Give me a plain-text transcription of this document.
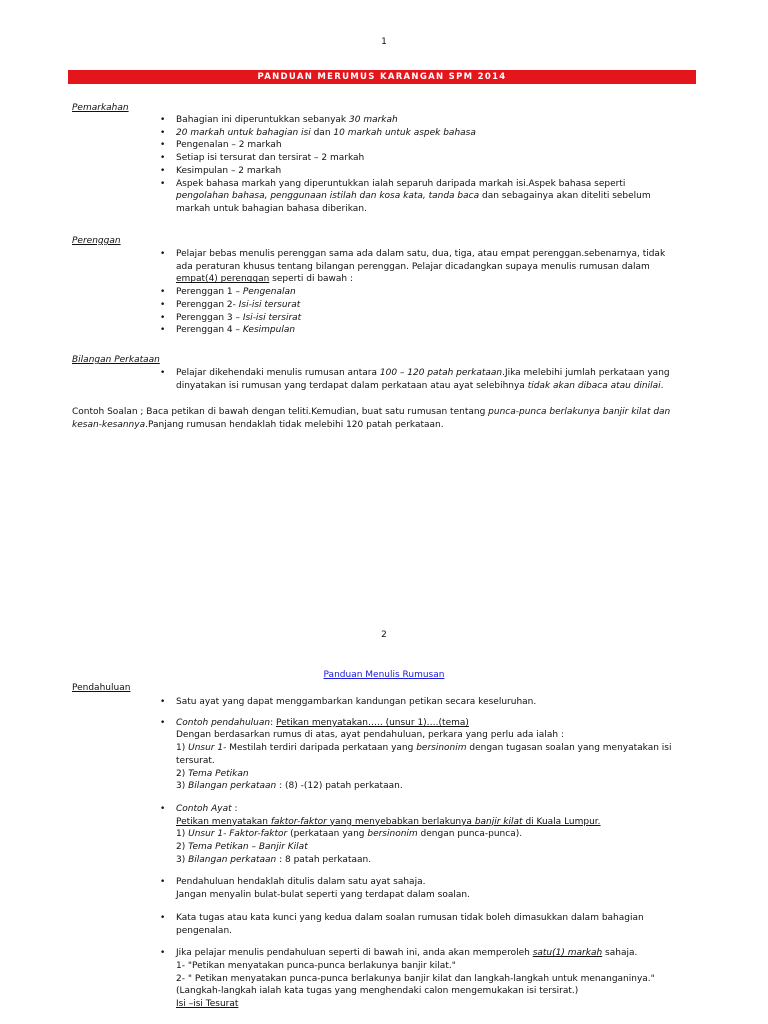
1
PANDUAN MERUMUS KARANGAN SPM 2014
Pemarkahan
• Bahagian ini diperuntukkan sebanyak 30 markah
• 20 markah untuk bahagian isi dan 10 markah untuk aspek bahasa
• Pengenalan – 2 markah
• Setiap isi tersurat dan tersirat – 2 markah
• Kesimpulan – 2 markah
• Aspek bahasa markah yang diperuntukkan ialah separuh daripada markah isi.Aspek bahasa seperti pengolahan bahasa, penggunaan istilah dan kosa kata, tanda baca dan sebagainya akan diteliti sebelum markah untuk bahagian bahasa diberikan.
Perenggan
• Pelajar bebas menulis perenggan sama ada dalam satu, dua, tiga, atau empat perenggan.sebenarnya, tidak ada peraturan khusus tentang bilangan perenggan. Pelajar dicadangkan supaya menulis rumusan dalam empat(4) perenggan seperti di bawah :
• Perenggan 1 – Pengenalan
• Perenggan 2- Isi-isi tersurat
• Perenggan 3 – Isi-isi tersirat
• Perenggan 4 – Kesimpulan
Bilangan Perkataan
• Pelajar dikehendaki menulis rumusan antara 100 – 120 patah perkataan.Jika melebihi jumlah perkataan yang dinyatakan isi rumusan yang terdapat dalam perkataan atau ayat selebihnya tidak akan dibaca atau dinilai.
Contoh Soalan ; Baca petikan di bawah dengan teliti.Kemudian, buat satu rumusan tentang punca-punca berlakunya banjir kilat dan kesan-kesannya.Panjang rumusan hendaklah tidak melebihi 120 patah perkataan.
2
Panduan Menulis Rumusan
Pendahuluan
• Satu ayat yang dapat menggambarkan kandungan petikan secara keseluruhan.
• Contoh pendahuluan: Petikan menyatakan….. (unsur 1)….(tema)
Dengan berdasarkan rumus di atas, ayat pendahuluan, perkara yang perlu ada ialah :
1) Unsur 1- Mestilah terdiri daripada perkataan yang bersinonim dengan tugasan soalan yang menyatakan isi tersurat.
2) Tema Petikan
3) Bilangan perkataan : (8) -(12) patah perkataan.
• Contoh Ayat :
Petikan menyatakan faktor-faktor yang menyebabkan berlakunya banjir kilat di Kuala Lumpur.
1) Unsur 1- Faktor-faktor (perkataan yang bersinonim dengan punca-punca).
2) Tema Petikan – Banjir Kilat
3) Bilangan perkataan : 8 patah perkataan.
• Pendahuluan hendaklah ditulis dalam satu ayat sahaja.
Jangan menyalin bulat-bulat seperti yang terdapat dalam soalan.
• Kata tugas atau kata kunci yang kedua dalam soalan rumusan tidak boleh dimasukkan dalam bahagian pengenalan.
• Jika pelajar menulis pendahuluan seperti di bawah ini, anda akan memperoleh satu(1) markah sahaja.
1- "Petikan menyatakan punca-punca berlakunya banjir kilat."
2- " Petikan menyatakan punca-punca berlakunya banjir kilat dan langkah-langkah untuk menanganinya."(Langkah-langkah ialah kata tugas yang menghendaki calon mengemukakan isi tersirat.)
Isi –isi Tesurat
